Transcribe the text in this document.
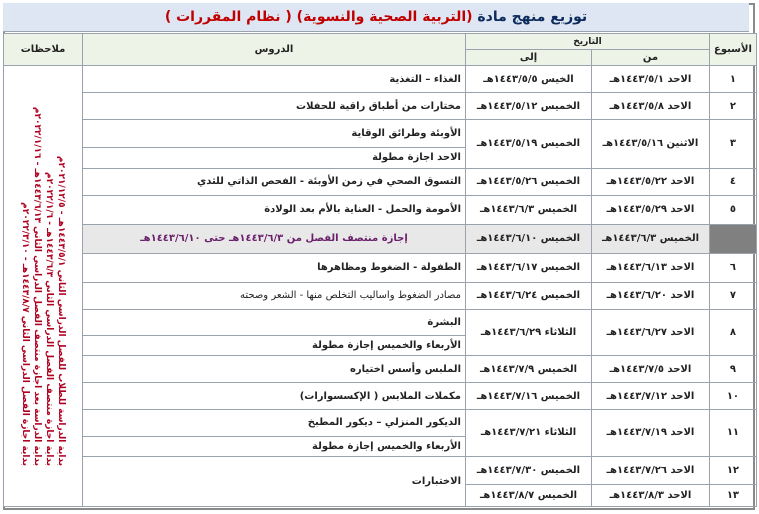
توزيع منهج مادة (التربية الصحية والنسوية) ( نظام المقررات )
الأسبوع	التاريخ		الدروس	ملاحظات
	من	إلى		
١	الاحد ١٤٤٣/٥/١هـ	الخيس ١٤٤٣/٥/٥هـ	الغذاء – التغذية	بداية الدراسة للطلاب للفصل الدراسي الثاني ١٤٤٣/٥/١هـ - ٢٠٢١/١٢/٥م
بداية اجازة منتصف الفصل الدراسي الثاني ١٤٤٣/٦/٣هـ - ٢٠٢٢/١/٦م
بداية الدراسة بعد اجازة منتصف الفصل الدراسي الثاني ١٤٤٣/٦/١٣هـ - ٢٠٢٢/١/١٦م
بداية اجازة الفصل الدراسي الثاني ١٤٤٣/٨/٧هـ - ٢٠٢٢/٣/١٠م

٢	الاحد ١٤٤٣/٥/٨هـ	الخميس ١٤٤٣/٥/١٢هـ	مختارات من أطباق راقية للحفلات	
٣	الاثنين ١٤٤٣/٥/١٦هـ	الخميس ١٤٤٣/٥/١٩هـ	الأوبئة وطرائق الوقاية	
			الاحد اجازة مطولة	
٤	الاحد ١٤٤٣/٥/٢٢هـ	الخميس ١٤٤٣/٥/٢٦هـ	التسوق الصحي في زمن الأوبئة - الفحص الذاتي للثدي	
٥	الاحد ١٤٤٣/٥/٢٩هـ	الخميس ١٤٤٣/٦/٣هـ	الأمومة والحمل - العناية بالأم بعد الولادة	
	الخميس ١٤٤٣/٦/٣هـ	الخميس ١٤٤٣/٦/١٠هـ	إجازة منتصف الفصل من ١٤٤٣/٦/٣هـ حتى ١٤٤٣/٦/١٠هـ	
٦	الاحد ١٤٤٣/٦/١٣هـ	الخميس ١٤٤٣/٦/١٧هـ	الطفولة - الضغوط ومظاهرها	
٧	الاحد ١٤٤٣/٦/٢٠هـ	الخميس ١٤٤٣/٦/٢٤هـ	مصادر الضغوط واساليب التخلص منها - الشعر وصحته	
٨	الاحد ١٤٤٣/٦/٢٧هـ	الثلاثاء ١٤٤٣/٦/٢٩هـ	البشرة	
			الأربعاء والخميس إجازة مطولة	
٩	الاحد ١٤٤٣/٧/٥هـ	الخميس ١٤٤٣/٧/٩هـ	الملبس وأسس اختياره	
١٠	الاحد ١٤٤٣/٧/١٢هـ	الخميس ١٤٤٣/٧/١٦هـ	مكملات الملابس ( الإكسسوارات)	
١١	الاحد ١٤٤٣/٧/١٩هـ	الثلاثاء ١٤٤٣/٧/٢١هـ	الديكور المنزلي – ديكور المطبخ	
			الأربعاء والخميس إجازة مطولة	
١٢	الاحد ١٤٤٣/٧/٢٦هـ	الخميس ١٤٤٣/٧/٣٠هـ	الاختبارات	
١٣	الاحد ١٤٤٣/٨/٣هـ	الخميس ١٤٤٣/٨/٧هـ		
